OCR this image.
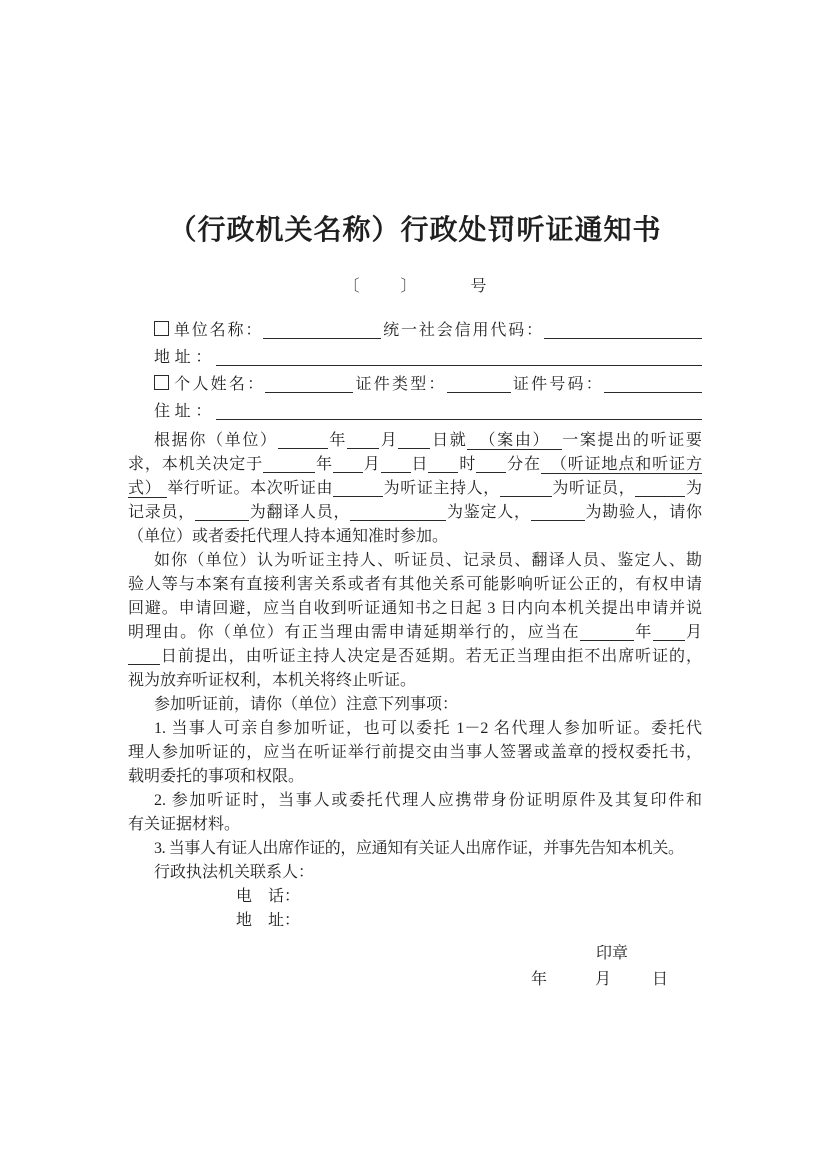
（行政机关名称）行政处罚听证通知书
〔	〕	号
单位名称：	统一社会信用代码：
地址：
个人姓名：	证件类型：	证件号码：
住址：
根据你（单位）	年 月 日就 （案由） 一案提出的听证要
求，本机关决定于	年 月 日 时 分在 （听证地点和听证方
式） 举行听证。本次听证由	为听证主持人，	为听证员，	为
记录员，	为翻译人员，	为鉴定人，	为勘验人，请你
（单位）或者委托代理人持本通知准时参加。
如你（单位）认为听证主持人、听证员、记录员、翻译人员、鉴定人、勘
验人等与本案有直接利害关系或者有其他关系可能影响听证公正的，有权申请
回避。申请回避，应当自收到听证通知书之日起 3 日内向本机关提出申请并说
明理由。你（单位）有正当理由需申请延期举行的，应当在	年 月
日前提出，由听证主持人决定是否延期。若无正当理由拒不出席听证的，
视为放弃听证权利，本机关将终止听证。
参加听证前，请你（单位）注意下列事项：
1. 当事人可亲自参加听证，也可以委托 1－2 名代理人参加听证。委托代
理人参加听证的，应当在听证举行前提交由当事人签署或盖章的授权委托书，
载明委托的事项和权限。
2. 参加听证时，当事人或委托代理人应携带身份证明原件及其复印件和
有关证据材料。
3. 当事人有证人出席作证的，应通知有关证人出席作证，并事先告知本机关。
行政执法机关联系人：
电　话：
地　址：
印章
年	月	日
